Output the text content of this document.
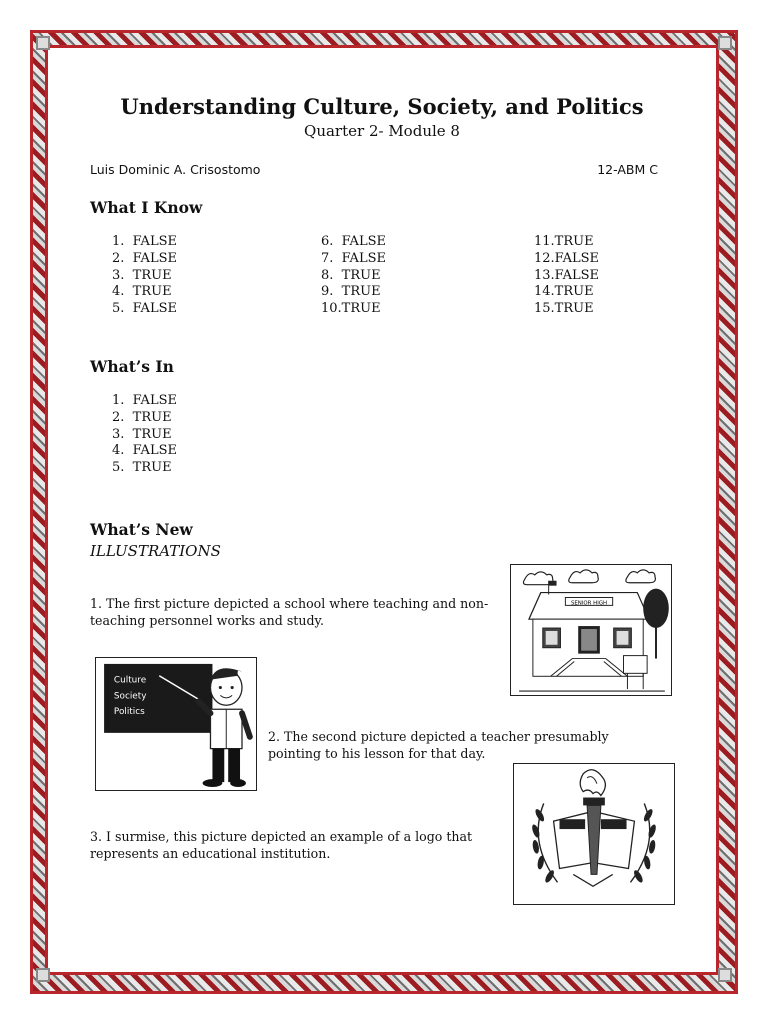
Understanding Culture, Society, and Politics
Quarter 2- Module 8
Luis Dominic A. Crisostomo	12-ABM C
What I Know
1.  FALSE
2.  FALSE
3.  TRUE
4.  TRUE
5.  FALSE
6.  FALSE
7.  FALSE
8.  TRUE
9.  TRUE
10.TRUE
11.TRUE
12.FALSE
13.FALSE
14.TRUE
15.TRUE
What’s In
1.  FALSE
2.  TRUE
3.  TRUE
4.  FALSE
5.  TRUE
What’s New
ILLUSTRATIONS
1. The first picture depicted a school where teaching and non-teaching personnel works and study.
2. The second picture depicted a teacher presumably pointing to his lesson for that day.
3. I surmise, this picture depicted an example of a logo that represents an educational institution.
SENIOR HIGH
Culture
Society
Politics
